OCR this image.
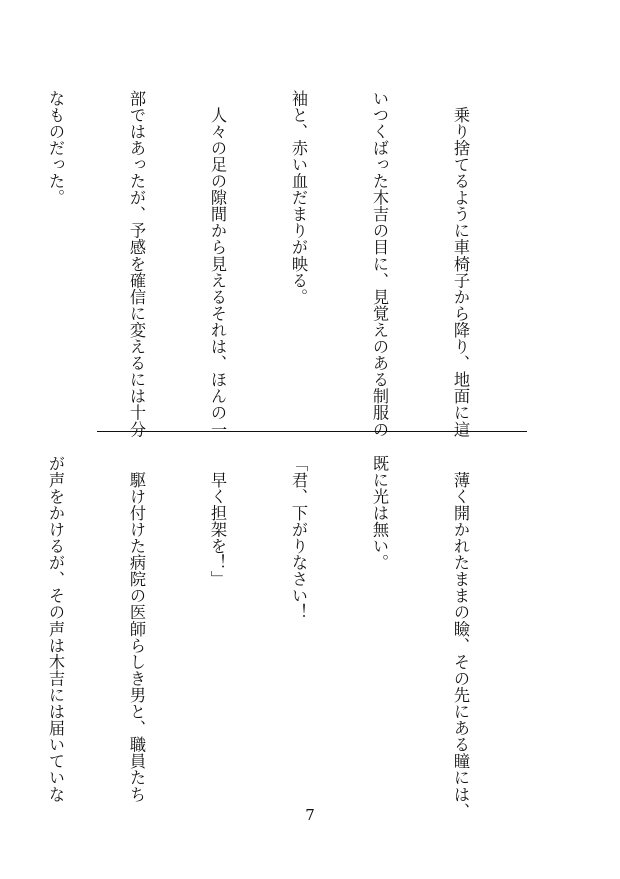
　乗り捨てるように車椅子から降り、地面に這

いつくばった木吉の目に、見覚えのある制服の

袖と、赤い血だまりが映る。

　人々の足の隙間から見えるそれは、ほんの一

部ではあったが、予感を確信に変えるには十分

なものだった。

　薄く開かれたままの瞼、その先にある瞳には、

既に光は無い。

「君、下がりなさい！

　早く担架を！」

　駆け付けた病院の医師らしき男と、職員たち

が声をかけるが、その声は木吉には届いていな

7
